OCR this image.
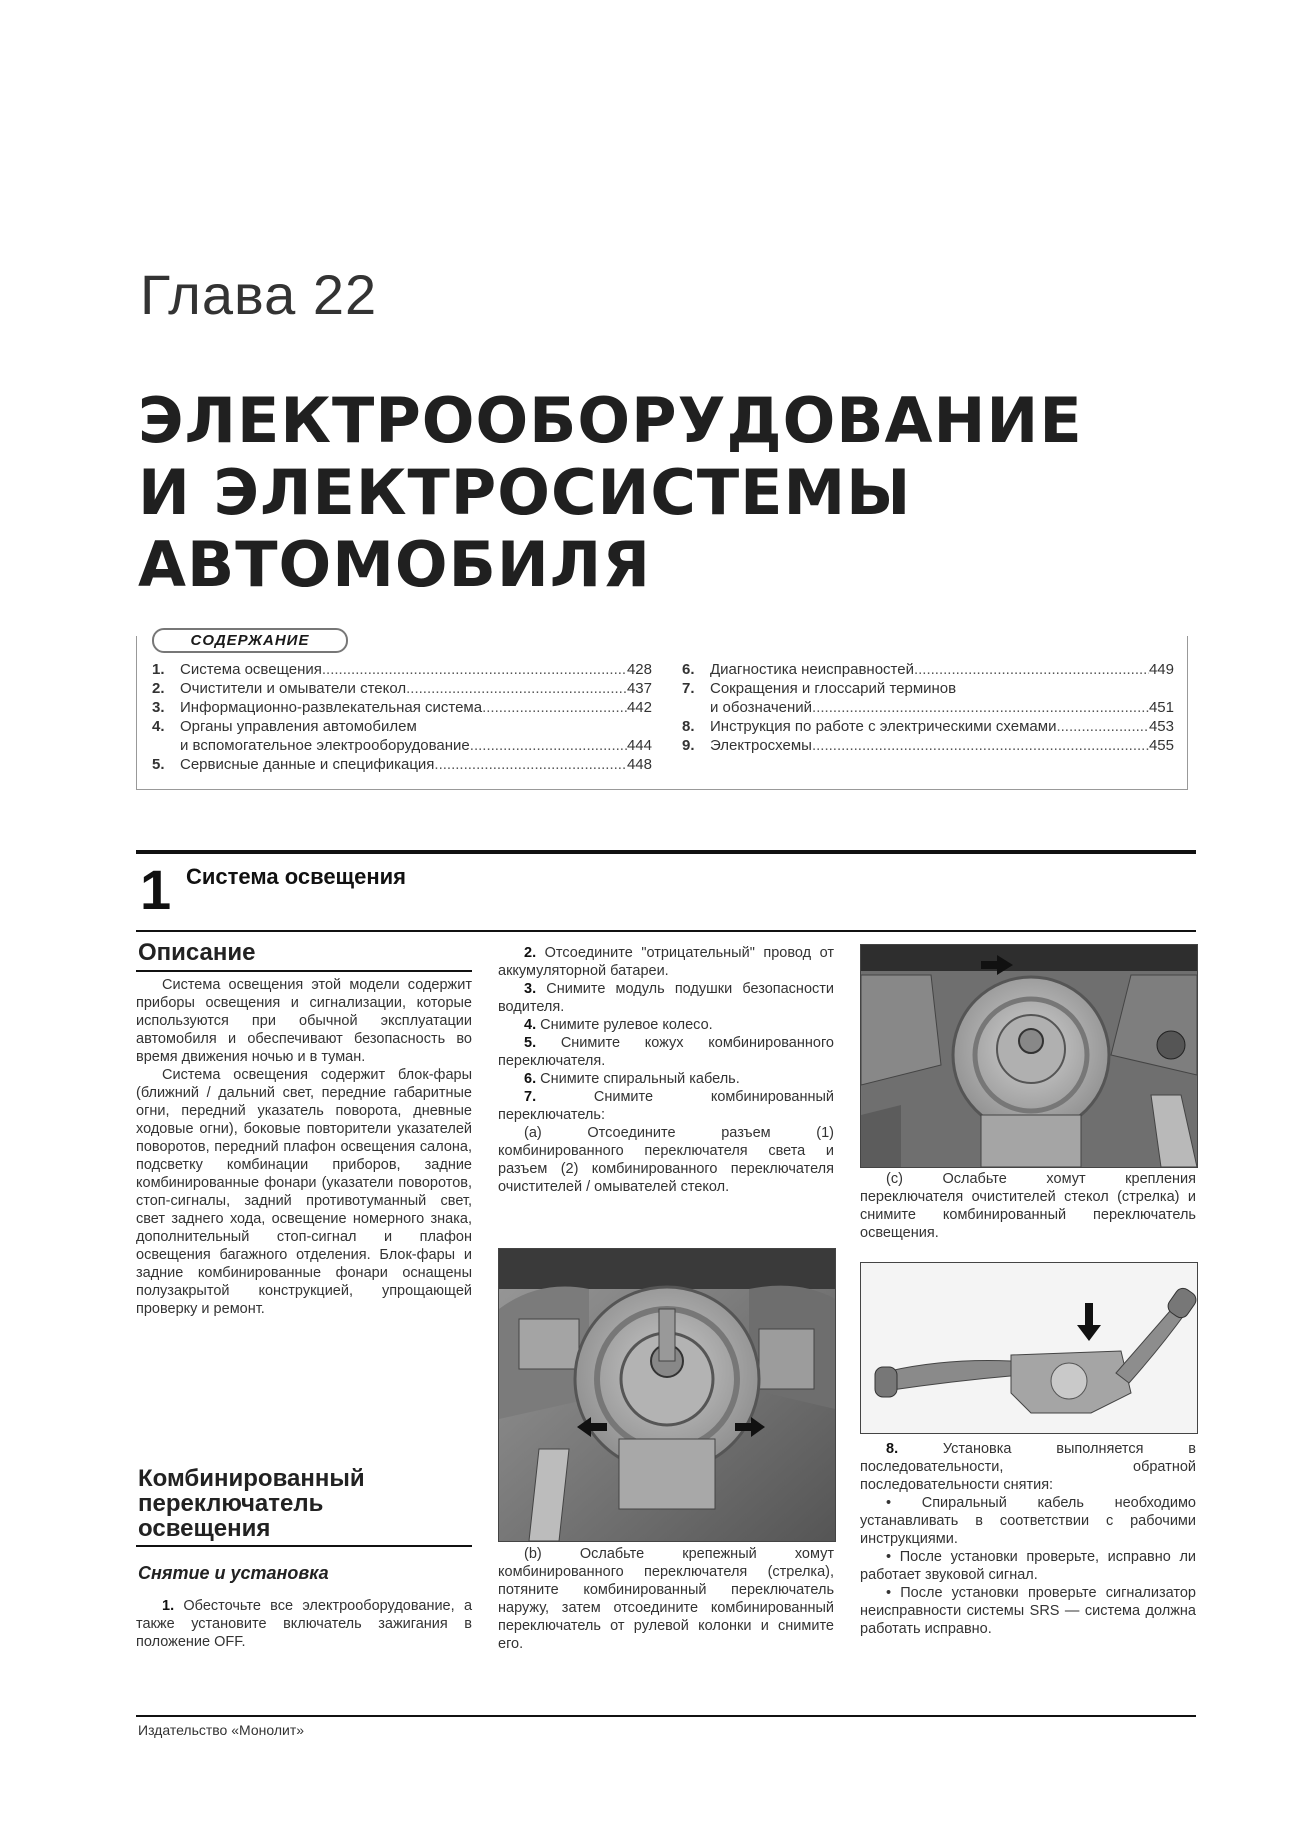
Глава 22
ЭЛЕКТРООБОРУДОВАНИЕ
И ЭЛЕКТРОСИСТЕМЫ
АВТОМОБИЛЯ
СОДЕРЖАНИЕ
1. Система освещения .....	428
2. Очистители и омыватели стекол .....	437
3. Информационно-развлекательная система .....	442
4. Органы управления автомобилем
и вспомогательное электрооборудование .....	444
5. Сервисные данные и спецификация .....	448
6. Диагностика неисправностей .....	449
7. Сокращения и глоссарий терминов
и обозначений .....	451
8. Инструкция по работе с электрическими схемами .....	453
9. Электросхемы .....	455
1 Система освещения
Описание

Система освещения этой модели содержит приборы освещения и сигнализации, которые используются при обычной эксплуатации автомобиля и обеспечивают безопасность во время движения ночью и в туман.

Система освещения содержит блок-фары (ближний / дальний свет, передние габаритные огни, передний указатель поворота, дневные ходовые огни), боковые повторители указателей поворотов, передний плафон освещения салона, подсветку комбинации приборов, задние комбинированные фонари (указатели поворотов, стоп-сигналы, задний противотуманный свет, свет заднего хода, освещение номерного знака, дополнительный стоп-сигнал и плафон освещения багажного отделения. Блок-фары и задние комбинированные фонари оснащены полузакрытой конструкцией, упрощающей проверку и ремонт.

Комбинированный
переключатель
освещения
Снятие и установка

1. Обесточьте все электрооборудование, а также установите включатель зажигания в положение OFF.

2. Отсоедините "отрицательный" провод от аккумуляторной батареи.

3. Снимите модуль подушки безопасности водителя.

4. Снимите рулевое колесо.

5. Снимите кожух комбинированного переключателя.

6. Снимите спиральный кабель.

7.	Снимите комбинированный переключатель:

(а) Отсоедините разъем (1) комбинированного переключателя света и разъем (2) комбинированного переключателя очистителей / омывателей стекол.

(b) Ослабьте крепежный хомут комбинированного переключателя (стрелка), потяните комбинированный переключатель наружу, затем отсоедините комбинированный переключатель от рулевой колонки и снимите его.

(с) Ослабьте хомут крепления переключателя очистителей стекол (стрелка) и снимите комбинированный переключатель освещения.

8.	Установка выполняется в последовательности, обратной последовательности снятия:

• Спиральный кабель необходимо устанавливать в соответствии с рабочими инструкциями.

• После установки проверьте, исправно ли работает звуковой сигнал.

• После установки проверьте сигнализатор неисправности системы SRS — система должна работать исправно.

Издательство «Монолит»
